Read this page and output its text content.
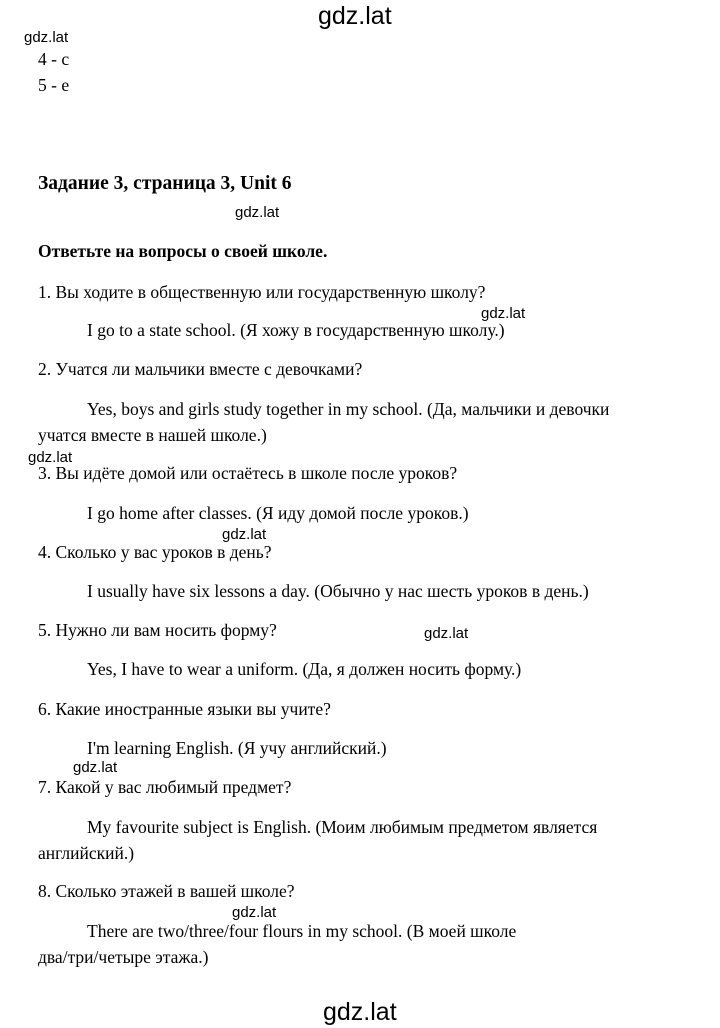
gdz.lat
gdz.lat
gdz.lat
gdz.lat
gdz.lat
gdz.lat
gdz.lat
gdz.lat
gdz.lat
gdz.lat
4 - c
5 - e
Задание 3, страница 3, Unit 6
Ответьте на вопросы о своей школе.
1. Вы ходите в общественную или государственную школу?
I go to a state school. (Я хожу в государственную школу.)
2. Учатся ли мальчики вместе с девочками?
Yes, boys and girls study together in my school. (Да, мальчики и девочки
учатся вместе в нашей школе.)
3. Вы идёте домой или остаётесь в школе после уроков?
I go home after classes. (Я иду домой после уроков.)
4. Сколько у вас уроков в день?
I usually have six lessons a day. (Обычно у нас шесть уроков в день.)
5. Нужно ли вам носить форму?
Yes, I have to wear a uniform. (Да, я должен носить форму.)
6. Какие иностранные языки вы учите?
I'm learning English. (Я учу английский.)
7. Какой у вас любимый предмет?
My favourite subject is English. (Моим любимым предметом является
английский.)
8. Сколько этажей в вашей школе?
There are two/three/four flours in my school. (В моей школе
два/три/четыре этажа.)
